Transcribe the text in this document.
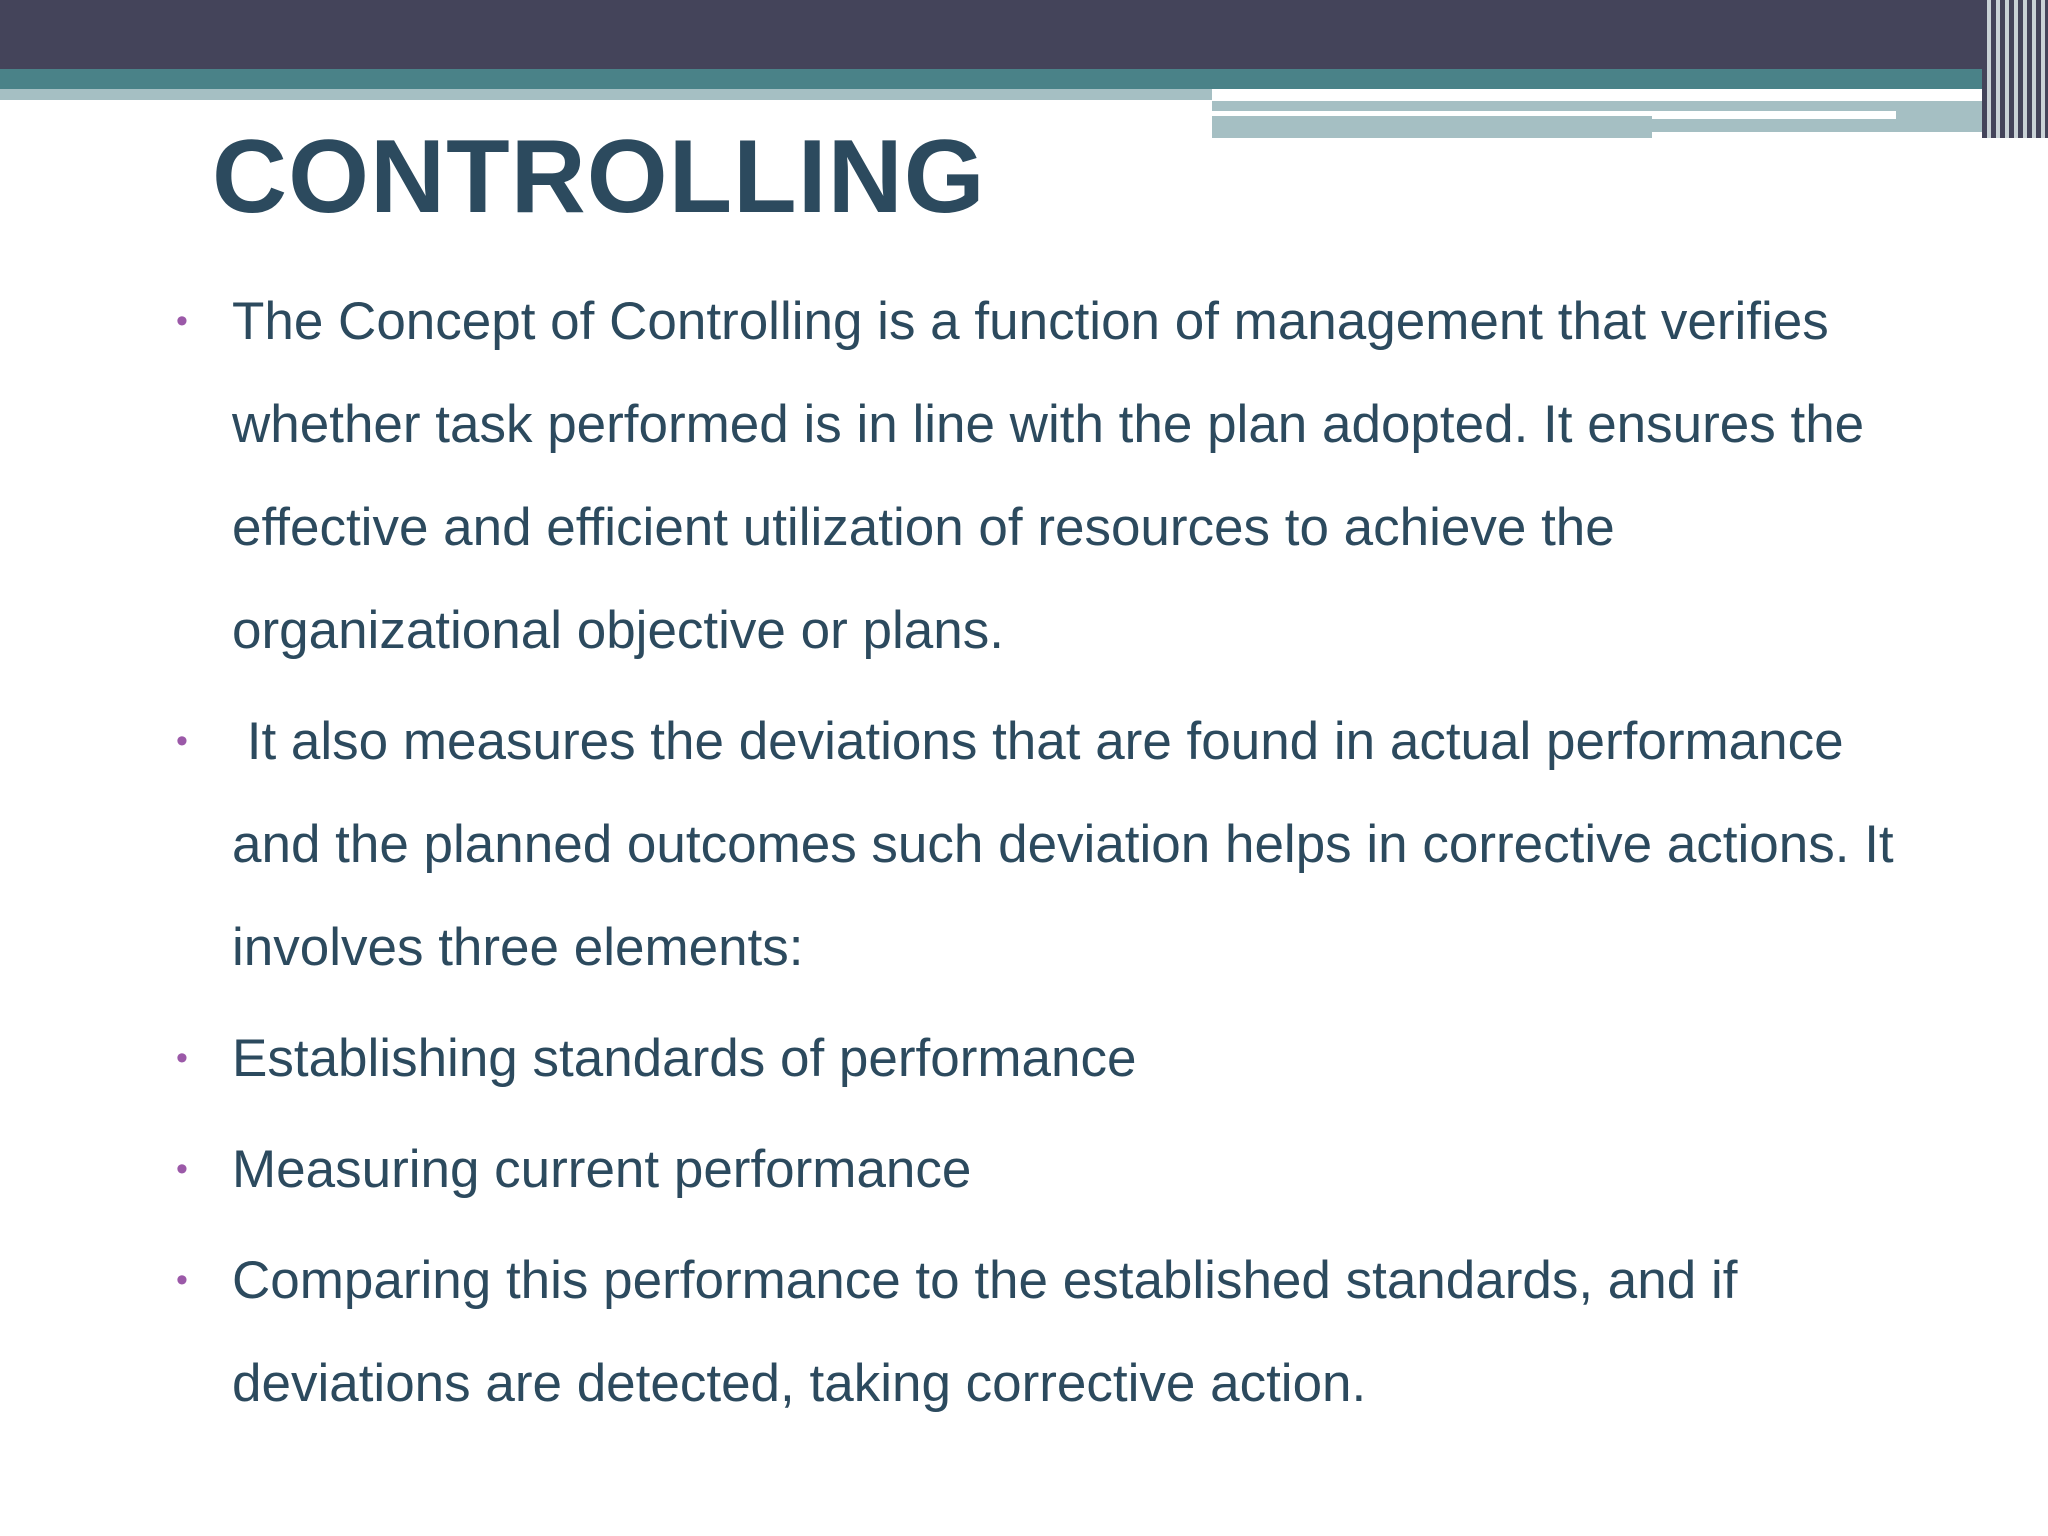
CONTROLLING
• The Concept of Controlling is a function of management that verifies whether task performed is in line with the plan adopted. It ensures the effective and efficient utilization of resources to achieve the organizational objective or plans.
• It also measures the deviations that are found in actual performance and the planned outcomes such deviation helps in corrective actions. It involves three elements:
• Establishing standards of performance
• Measuring current performance
• Comparing this performance to the established standards, and if deviations are detected, taking corrective action.
